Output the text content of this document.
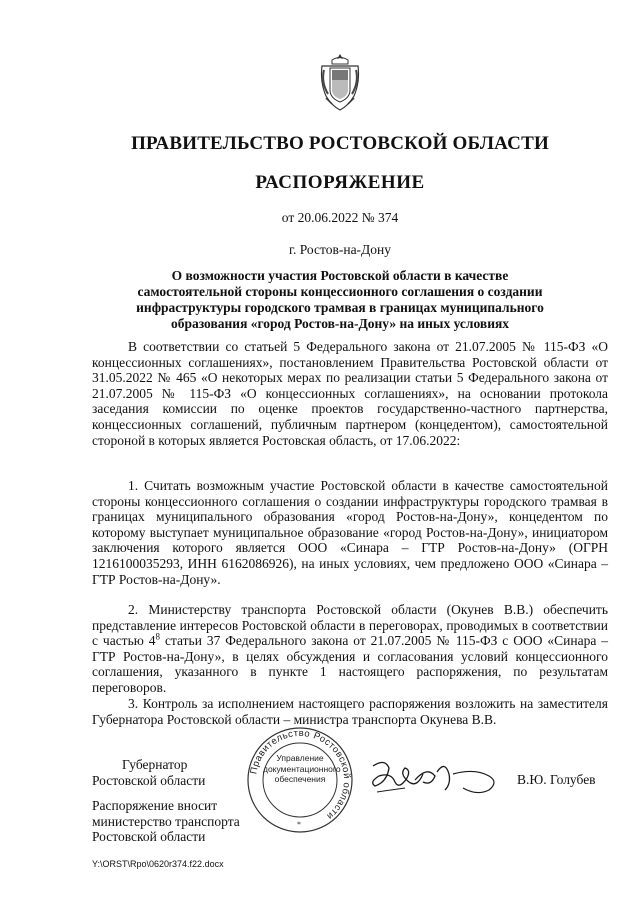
ПРАВИТЕЛЬСТВО РОСТОВСКОЙ ОБЛАСТИ
РАСПОРЯЖЕНИЕ
от 20.06.2022 № 374
г. Ростов-на-Дону
О возможности участия Ростовской области в качестве
самостоятельной стороны концессионного соглашения о создании
инфраструктуры городского трамвая в границах муниципального
образования «город Ростов-на-Дону» на иных условиях
В соответствии со статьей 5 Федерального закона от 21.07.2005 № 115-ФЗ «О концессионных соглашениях», постановлением Правительства Ростовской области от 31.05.2022 № 465 «О некоторых мерах по реализации статьи 5 Федерального закона от 21.07.2005 № 115-ФЗ «О концессионных соглашениях», на основании протокола заседания комиссии по оценке проектов государственно-частного партнерства, концессионных соглашений, публичным партнером (концедентом), самостоятельной стороной в которых является Ростовская область, от 17.06.2022:
1. Считать возможным участие Ростовской области в качестве самостоятельной стороны концессионного соглашения о создании инфраструктуры городского трамвая в границах муниципального образования «город Ростов-на-Дону», концедентом по которому выступает муниципальное образование «город Ростов-на-Дону», инициатором заключения которого является ООО «Синара – ГТР Ростов-на-Дону» (ОГРН 1216100035293, ИНН 6162086926), на иных условиях, чем предложено ООО «Синара – ГТР Ростов-на-Дону».
2. Министерству транспорта Ростовской области (Окунев В.В.) обеспечить представление интересов Ростовской области в переговорах, проводимых в соответствии с частью $4^8$ статьи 37 Федерального закона от 21.07.2005 № 115-ФЗ с ООО «Синара – ГТР Ростов-на-Дону», в целях обсуждения и согласования условий концессионного соглашения, указанного в пункте 1 настоящего распоряжения, по результатам переговоров.
3. Контроль за исполнением настоящего распоряжения возложить на заместителя Губернатора Ростовской области – министра транспорта Окунева В.В.
Губернатор
Ростовской области
Правительство Ростовской области
*
Управление
документационного
обеспечения	В.Ю. Голубев
Распоряжение вносит
министерство транспорта
Ростовской области
Y:\ORST\Rpo\0620r374.f22.docx
